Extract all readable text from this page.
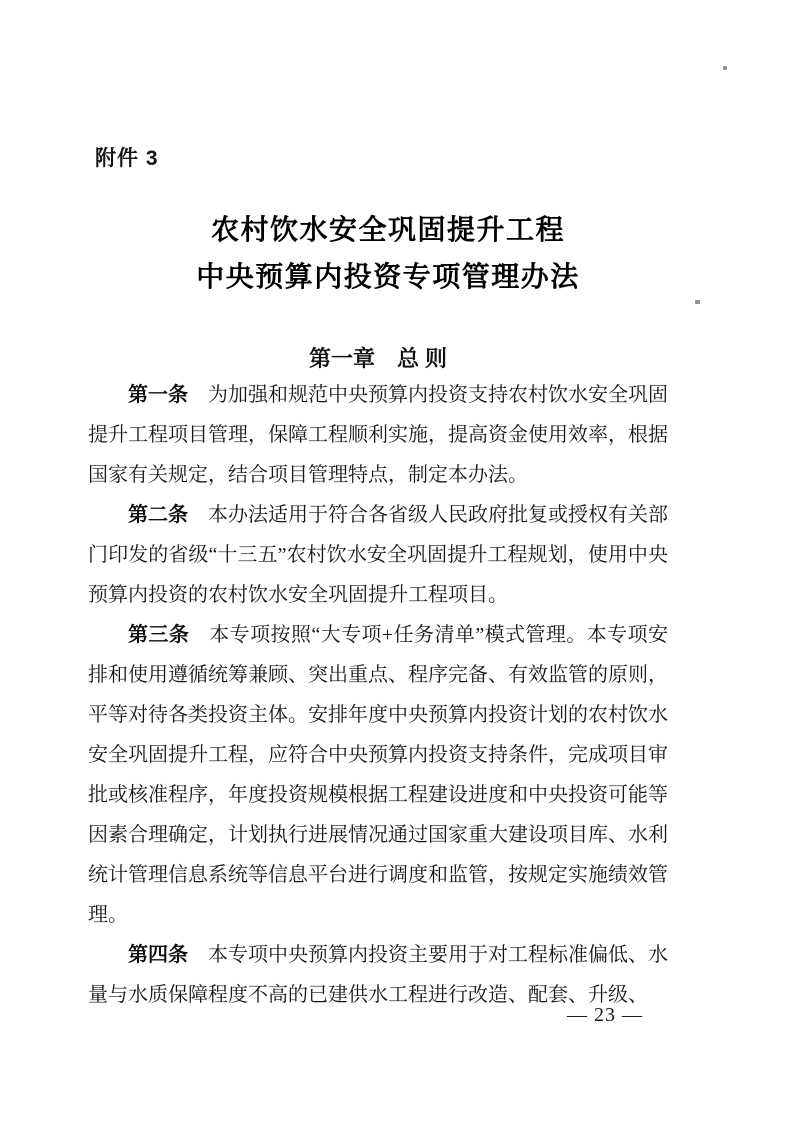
附件 3
农村饮水安全巩固提升工程
中央预算内投资专项管理办法
第一章　总 则

第一条 为加强和规范中央预算内投资支持农村饮水安全巩固提升工程项目管理，保障工程顺利实施，提高资金使用效率，根据国家有关规定，结合项目管理特点，制定本办法。

第二条 本办法适用于符合各省级人民政府批复或授权有关部门印发的省级“十三五”农村饮水安全巩固提升工程规划，使用中央预算内投资的农村饮水安全巩固提升工程项目。

第三条 本专项按照“大专项+任务清单”模式管理。本专项安排和使用遵循统筹兼顾、突出重点、程序完备、有效监管的原则，平等对待各类投资主体。安排年度中央预算内投资计划的农村饮水安全巩固提升工程，应符合中央预算内投资支持条件，完成项目审批或核准程序，年度投资规模根据工程建设进度和中央投资可能等因素合理确定，计划执行进展情况通过国家重大建设项目库、水利统计管理信息系统等信息平台进行调度和监管，按规定实施绩效管理。

第四条 本专项中央预算内投资主要用于对工程标准偏低、水量与水质保障程度不高的已建供水工程进行改造、配套、升级、

— 23 —
